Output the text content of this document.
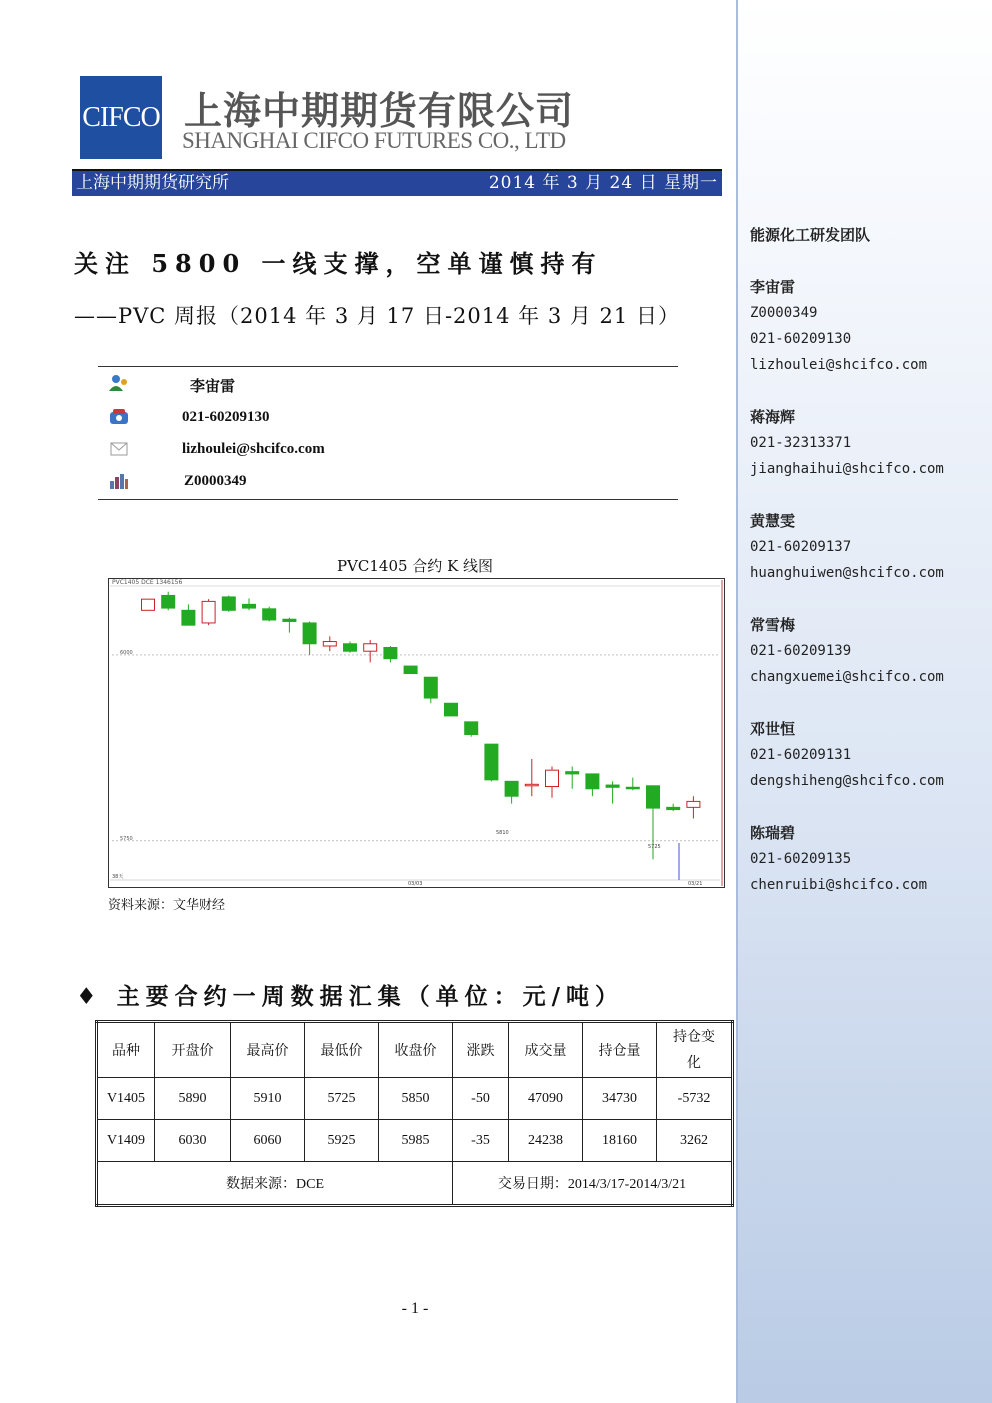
CIFCO 上海中期期货有限公司
SHANGHAI CIFCO FUTURES CO., LTD
上海中期期货研究所	2014 年 3 月 24 日 星期一
关注 5800 一线支撑，空单谨慎持有
——PVC 周报（2014 年 3 月 17 日-2014 年 3 月 21 日）
李宙雷
021-60209130
lizhoulei@shcifco.com
Z0000349
PVC1405 合约 K 线图
PVC1405 DCE 1346156
6000
5750
5725
5810
38天
03/03	03/21
资料来源：文华财经
♦ 主要合约一周数据汇集（单位：元/吨）
品种	开盘价	最高价	最低价	收盘价	涨跌	成交量	持仓量	持仓变化

V1405	5890	5910	5725	5850	-50	47090	34730	-5732
V1409	6030	6060	5925	5985	-35	24238	18160	3262
数据来源：DCE					交易日期：2014/3/17-2014/3/21			
- 1 -
能源化工研发团队
李宙雷
Z0000349
021-60209130
lizhoulei@shcifco.com
蒋海辉
021-32313371
jianghaihui@shcifco.com
黄慧雯
021-60209137
huanghuiwen@shcifco.com
常雪梅
021-60209139
changxuemei@shcifco.com
邓世恒
021-60209131
dengshiheng@shcifco.com
陈瑞碧
021-60209135
chenruibi@shcifco.com
